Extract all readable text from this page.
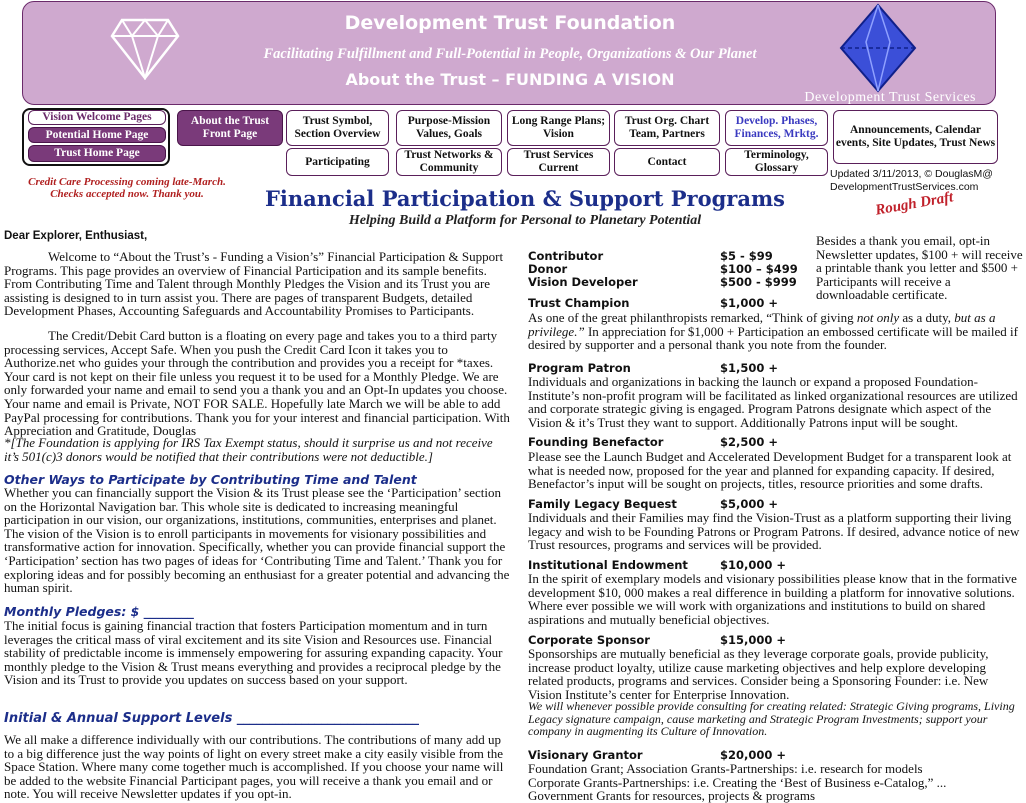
Development Trust Foundation
Facilitating Fulfillment and Full-Potential in People, Organizations & Our Planet
About the Trust – FUNDING A VISION
Development Trust Services
Vision Welcome Pages
Potential Home Page
Trust Home Page
About the Trust Front Page
Trust Symbol, Section Overview
Purpose-Mission Values, Goals
Long Range Plans; Vision
Trust Org. Chart Team, Partners
Develop. Phases, Finances, Mrktg.	Announcements, Calendar events, Site Updates, Trust News
Participating
Trust Networks & Community
Trust Services Current
Contact
Terminology, Glossary
Credit Care Processing coming late-March. Checks accepted now. Thank you.
Updated 3/11/2013, © DouglasM@ DevelopmentTrustServices.com
Financial Participation & Support Programs
Helping Build a Platform for Personal to Planetary Potential
Rough Draft
Dear Explorer, Enthusiast,
Welcome to “About the Trust’s - Funding a Vision’s” Financial Participation & Support Programs. This page provides an overview of Financial Participation and its sample benefits. From Contributing Time and Talent through Monthly Pledges the Vision and its Trust you are assisting is designed to in turn assist you. There are pages of transparent Budgets, detailed Development Phases, Accounting Safeguards and Accountability Promises to Participants.
The Credit/Debit Card button is a floating on every page and takes you to a third party processing services, Accept Safe. When you push the Credit Card Icon it takes you to Authorize.net who guides your through the contribution and provides you a receipt for *taxes. Your card is not kept on their file unless you request it to be used for a Monthly Pledge. We are only forwarded your name and email to send you a thank you and an Opt-In updates you choose. Your name and email is Private, NOT FOR SALE. Hopefully late March we will be able to add PayPal processing for contributions. Thank you for your interest and financial participation. With Appreciation and Gratitude, Douglas
*[The Foundation is applying for IRS Tax Exempt status, should it surprise us and not receive it’s 501(c)3 donors would be notified that their contributions were not deductible.]
Other Ways to Participate by Contributing Time and Talent
Whether you can financially support the Vision & its Trust please see the ‘Participation’ section on the Horizontal Navigation bar. This whole site is dedicated to increasing meaningful participation in our vision, our organizations, institutions, communities, enterprises and planet. The vision of the Vision is to enroll participants in movements for visionary possibilities and transformative action for innovation. Specifically, whether you can provide financial support the ‘Participation’ section has two pages of ideas for ‘Contributing Time and Talent.’ Thank you for exploring ideas and for possibly becoming an enthusiast for a greater potential and advancing the human spirit.
Monthly Pledges: $ ________
The initial focus is gaining financial traction that fosters Participation momentum and in turn leverages the critical mass of viral excitement and its site Vision and Resources use. Financial stability of predictable income is immensely empowering for assuring expanding capacity. Your monthly pledge to the Vision & Trust means everything and provides a reciprocal pledge by the Vision and its Trust to provide you updates on success based on your support.
Initial & Annual Support Levels ____________________________
We all make a difference individually with our contributions. The contributions of many add up to a big difference just the way points of light on every street make a city easily visible from the Space Station. Where many come together much is accomplished. If you choose your name will be added to the website Financial Participant pages, you will receive a thank you email and or note. You will receive Newsletter updates if you opt-in.
Contributor	$5 - $99
Donor	$100 – $499
Vision Developer	$500 - $999
Besides a thank you email, opt-in Newsletter updates, $100 + will receive a printable thank you letter and $500 + Participants will receive a downloadable certificate.
Trust Champion	$1,000 +
As one of the great philanthropists remarked, “Think of giving not only as a duty, but as a privilege.” In appreciation for $1,000 + Participation an embossed certificate will be mailed if desired by supporter and a personal thank you note from the founder.
Program Patron	$1,500 +
Individuals and organizations in backing the launch or expand a proposed Foundation-Institute’s non-profit program will be facilitated as linked organizational resources are utilized and corporate strategic giving is engaged. Program Patrons designate which aspect of the Vision & it’s Trust they want to support. Additionally Patrons input will be sought.
Founding Benefactor	$2,500 +
Please see the Launch Budget and Accelerated Development Budget for a transparent look at what is needed now, proposed for the year and planned for expanding capacity. If desired, Benefactor’s input will be sought on projects, titles, resource priorities and some drafts.
Family Legacy Bequest	$5,000 +
Individuals and their Families may find the Vision-Trust as a platform supporting their living legacy and wish to be Founding Patrons or Program Patrons. If desired, advance notice of new Trust resources, programs and services will be provided.
Institutional Endowment	$10,000 +
In the spirit of exemplary models and visionary possibilities please know that in the formative development $10, 000 makes a real difference in building a platform for innovative solutions. Where ever possible we will work with organizations and institutions to build on shared aspirations and mutually beneficial objectives.
Corporate Sponsor	$15,000 +
Sponsorships are mutually beneficial as they leverage corporate goals, provide publicity, increase product loyalty, utilize cause marketing objectives and help explore developing related products, programs and services. Consider being a Sponsoring Founder: i.e. New Vision Institute’s center for Enterprise Innovation.
We will whenever possible provide consulting for creating related: Strategic Giving programs, Living Legacy signature campaign, cause marketing and Strategic Program Investments; support your company in augmenting its Culture of Innovation.
Visionary Grantor	$20,000 +
Foundation Grant; Association Grants-Partnerships: i.e. research for models
Corporate Grants-Partnerships: i.e. Creating the ‘Best of Business e-Catalog,” ...
Government Grants for resources, projects & programs
